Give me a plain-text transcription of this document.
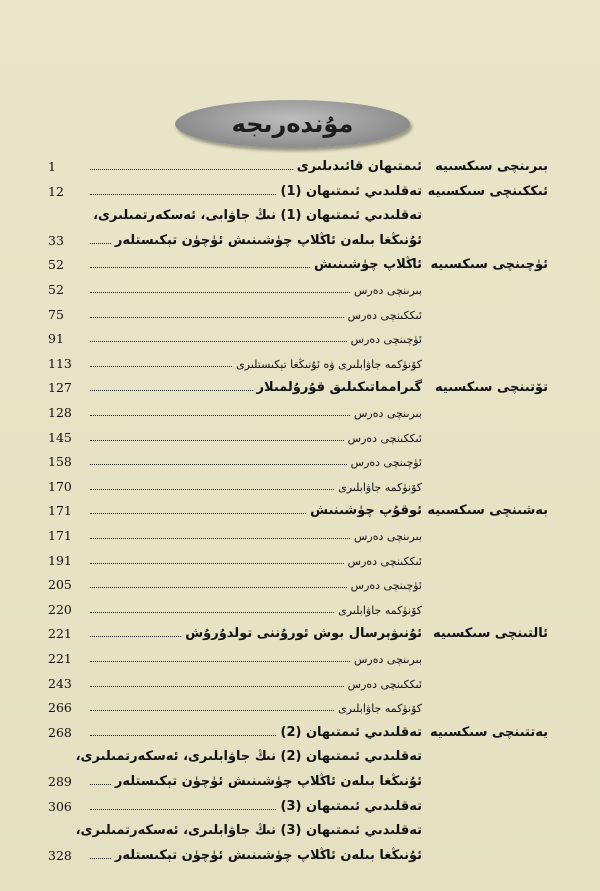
مۇندەرىجە
1	ئىمتىھان قائىدىلىرى	بىرىنچى سىكسىيە
12	تەقلىدىي ئىمتىھان (1) ئىككىنچى سىكسىيە
تەقلىدىي ئىمتىھان (1) نىڭ جاۋابى، ئەسكەرتمىلىرى،
33	ئۇنىڭغا بىلەن ئاڭلاپ چۈشىنىش ئۈچۈن تېكىستلەر
52	ئاڭلاپ چۈشىنىش ئۈچىنچى سىكسىيە
52	بىرىنچى دەرس
75	ئىككىنچى دەرس
91	ئۈچىنچى دەرس
113	كۆنۈكمە جاۋابلىرى ۋە ئۇنىڭغا تېكىستلىرى
127	گىرامماتىكىلىق قۇرۇلمىلار	تۆتىنچى سىكسىيە
128	بىرىنچى دەرس
145	ئىككىنچى دەرس
158	ئۈچىنچى دەرس
170	كۆنۈكمە جاۋابلىرى
171	ئوقۇپ چۈشىنىش بەشىنچى سىكسىيە
171	بىرىنچى دەرس
191	ئىككىنچى دەرس
205	ئۈچىنچى دەرس
220	كۆنۈكمە جاۋابلىرى
221	ئۇنىۋېرسال بوش ئورۇننى تولدۇرۇش ئالتىنچى سىكسىيە
221	بىرىنچى دەرس
243	ئىككىنچى دەرس
266	كۆنۈكمە جاۋابلىرى
268	تەقلىدىي ئىمتىھان (2) يەتتىنچى سىكسىيە
تەقلىدىي ئىمتىھان (2) نىڭ جاۋابلىرى، ئەسكەرتمىلىرى،
289	ئۇنىڭغا بىلەن ئاڭلاپ چۈشىنىش ئۈچۈن تېكىستلەر
306	تەقلىدىي ئىمتىھان (3)
تەقلىدىي ئىمتىھان (3) نىڭ جاۋابلىرى، ئەسكەرتمىلىرى،
328	ئۇنىڭغا بىلەن ئاڭلاپ چۈشىنىش ئۈچۈن تېكىستلەر
